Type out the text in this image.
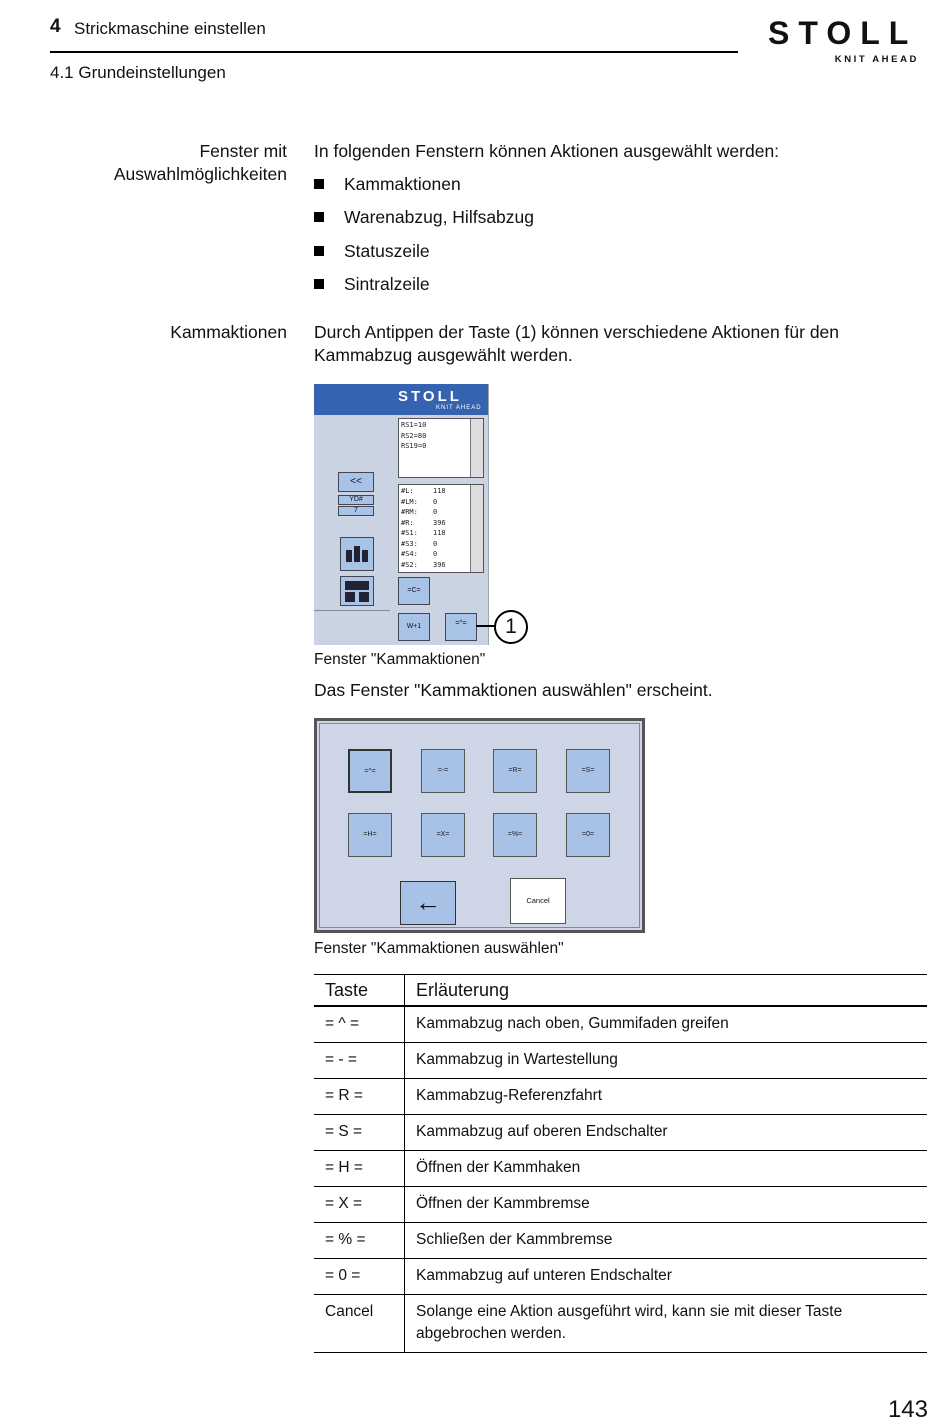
4 Strickmaschine einstellen
4.1 Grundeinstellungen
STOLL
KNIT AHEAD
Fenster mit
Auswahlmöglichkeiten
In folgenden Fenstern können Aktionen ausgewählt werden:
Kammaktionen
Warenabzug, Hilfsabzug
Statuszeile
Sintralzeile
Kammaktionen Durch Antippen der Taste (1) können verschiedene Aktionen für den
Kammabzug ausgewählt werden.
STOLL
KNIT AHEAD
RS1=10
RS2=80
RS19=0
#L:	118
#LM: 0
#RM: 0
#R:	396
#S1: 118
#S3: 0
#S4: 0
#S2: 396
<<
YD#
7
=C=
W+1	=^=	1
Fenster "Kammaktionen"
Das Fenster "Kammaktionen auswählen" erscheint.
=^=	=-=	=R=	=S=
=H=	=X=	=%=	=0=
←	Cancel
Fenster "Kammaktionen auswählen"
Taste	Erläuterung
= ^ =	Kammabzug nach oben, Gummifaden greifen
= - =	Kammabzug in Wartestellung
= R =	Kammabzug-Referenzfahrt
= S =	Kammabzug auf oberen Endschalter
= H =	Öffnen der Kammhaken
= X =	Öffnen der Kammbremse
= % =	Schließen der Kammbremse
= 0 =	Kammabzug auf unteren Endschalter
Cancel	Solange eine Aktion ausgeführt wird, kann sie mit dieser Taste abgebrochen werden.
143
